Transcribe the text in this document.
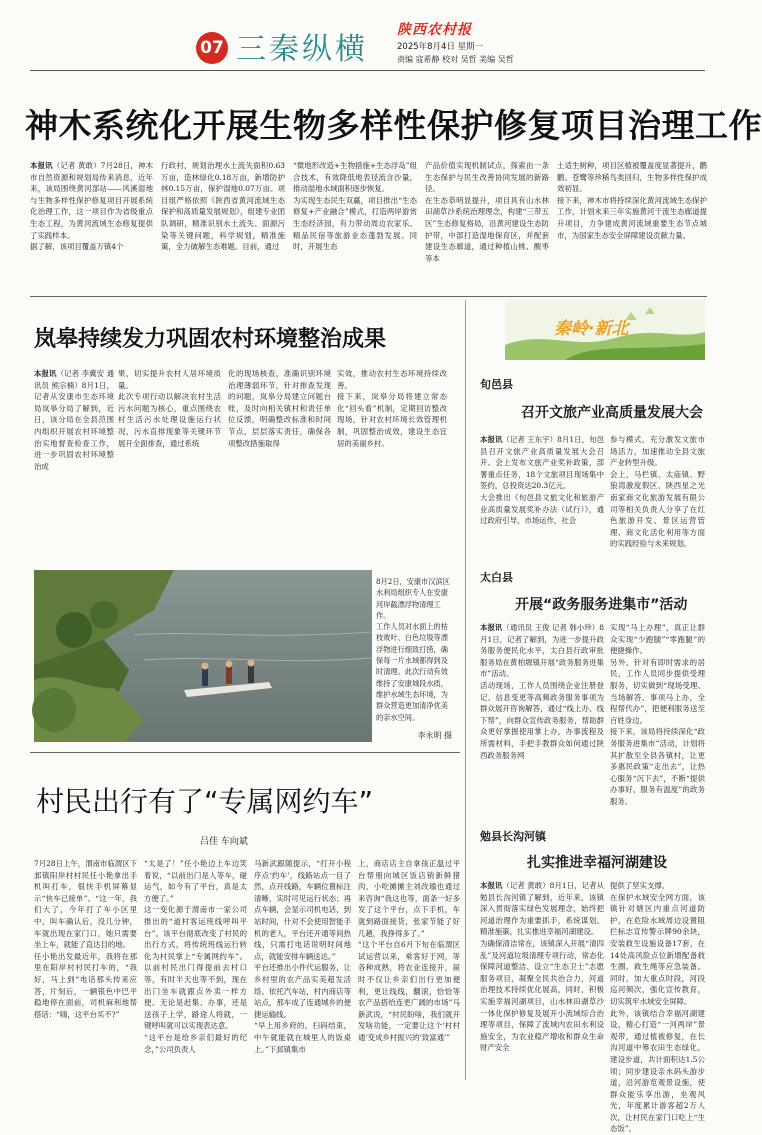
07 三秦纵横
陕西农村报
2025年8月4日 星期一
责编 寇希静 校对 吴哲 美编 吴哲
神木系统化开展生物多样性保护修复项目治理工作
本报讯（记者 黄敢）7月28日，神木市自然资源和规划局传来消息，近年来，该局围绕黄河部站——风溪湿地与生物多样性保护修复项目开展系统化治理工作，这一项目作为省级重点生态工程，为黄河流域生态修复提供了实践样本。
据了解，该项目覆盖万镇4个
行政村，规划治理水土流失面积0.63万亩，造林绿化0.18万亩，新增防护林0.15万亩，保护湿地0.07万亩。项目组严格依照《陕西省黄河流域生态保护和高质量发展规划》，组建专业团队调研，精准识别水土流失、面源污染等关键问题，科学规划，精准施策，全力破解生态难题。目前，通过
“微地形改造+生物措施+生态浮岛”组合技术，有效降低地表径流含沙量，推动湿地水域面积逐步恢复。
为实现生态民生双赢，项目推出“生态修复+产业融合”模式，打造两岸游赏生态经济园，有力带动周边农家乐、精品民宿等旅游业态蓬勃发展。同时，开展生态
产品价值实现机制试点，探索由一条生态保护与民生改善协同发展的新路径。
在生态恭明显提升，项目具有山水林田湖草沙系统治理理念，构建“三带五区”生态修复格局，沿黄河建设生态防护带，中部打造湿地保育区，并配套建设生态廊道，通过种植山桃、酸枣等本
土适生树种，项目区植被覆盖度显著提升，鹳鹳、苍鹭等珍稀鸟类回归，生物多样性保护成效初显。
接下来，神木市将持续深化黄河流域生态保护工作，计划未来三年实施黄河干流生态廊道提升项目，力争建成黄河流域重要生态节点城市，为国家生态安全屏障建设贡献力量。
岚皋持续发力巩固农村环境整治成果
本报讯（记者 李冀安 通讯员 熊宗楠）8月1日，记者从安康市生态环境局岚皋分局了解到，近日，该分局在全县范围内组织开展农村环境整治实地督查检查工作，进一步巩固农村环境整治成
果，切实提升农村人居环境质量。
此次专项行动以解决农村生活污水问题为核心，重点围绕农村生活污水处理设施运行状况，污水直排现象等关键环节展开全面排查，通过系统
化的现场核查，准确识别环境治理薄弱环节，针对排查发现的问题，岚皋分局建立问题台账，及时向相关镇村和责任单位反馈，明确整改标准和时间节点，层层落实责任，确保各项整改措施取得
实效，推动农村生态环境持续改善。
接下来，岚皋分局将建立常态化“回头看”机制，定期回访整改现场，针对农村环境长效管理机制，巩固整治成效，建设生态宜居的美丽乡村。
8月2日，安康市汉滨区水利局组织专人在安康河岸截漂浮物清理工作。
工作人员对水面上的枯枝败叶、白色垃圾等漂浮物进行细致打捞，确保每一片水域都得到及时清理。此次行动有效维持了安康城段水质，维护水域生态环境，为群众营造更加清净优美的亲水空间。
李永明 摄
村民出行有了“专属网约车”
吕佳 车向斌
7月28日上午，渭南市临渭区下邽镇阳岸村村民任小艳拿出手机叫打车，很快手机屏幕显示“快车已接单”。“这一年，我们大了，今年打了车小区里中，叫车确认后，没几分钟，车就出现在家门口，她只需要坐上车，就能了直达目的地。
任小艳出发最近年，我将在那里在阳岸村村民打车的，“我好，马上到”电话那头传来应答，片刻后，一辆银色中巴平稳地停在面前，司机麻利地帮搭话：“嗨，这平台买不?”
“太是了！”任小艳边上车边笑着说，“以前出门是人等车，碰运气，如今有了平台，真是太方便了。”
这一变化源于渭南市一家公司推出的“道村客运班线呼叫平台”。该平台彻底改变了村民的出行方式，将传统班线运行转化为村民掌上“专属网约车”。以前村民出门得提前去村口等，有时半天也等不到，现在出门坐车就跟点外卖一样方便。无论是赶集、办事，还是送孩子上学，路途人将就，一键呼叫就可以实现表达意。
“这平台是给乡亲们最好的纪念，”公司负责人
马新武跟随提示，“打开小程序点‘约车’，线路站点一目了然，点开线路，车辆位置标注清晰，实时可见运行状态；再点车辆，会显示司机电话，到站时间，什对不会使用智能手机的老人，平台还开通等间热线，只需打电话说明时间地点，就能安排车辆送达。”
平台还推出小件代运服务，让乡村里的农产品实美超发活络。依托汽车站，村内商店等站点，那车成了连通城乡的便捷运输线。
“早上用乡府的，扫码结束，中午就能就在城里人的饭桌上。”下邽镇集市
上，商店店主自拿孩正温过平台帮朋向城区饭店销新鲜猪肉，小吃摊摊主刘改瑜也通过来咨询“我这也等，面条一好多发了这个平台，点下手机，车就到路面接货，张家节能了好几趟，我挣得多了。”
“这个平台自6月下旬在临渭区试运营以来，乘客好于网，等各种成熟，将农业连接开，届时不仅让乡亲们出行更加便利，更让线线，翻滚，恰恰等农产品搭给连更广阔的市场”马新武说，“村民盼啥，我们就开发啥功能，一定要让这个‘村村通’变成乡村振兴的‘致富通’”
秦岭·新北
旬邑县
召开文旅产业高质量发展大会
本报讯（记者 王东宇）8月1日，旬邑县召开文旅产业高质量发展大会召开。会上发布文旅产业奖补政策，部署重点任务，18个文旅项目现场集中签约，总投资达20.3亿元。
大会推出《旬邑县文旅文化和旅游产业高质量发展奖补办法（试行）》，通过政府引导，市场运作，社会
参与模式，充分激发文旅市场活力，加速推动全县文旅产业转型升级。
会上，马栏镇、太庙镇、野狼湾激度假区、陕西星之光南家商文化旅游发展有限公司等相关负责人分享了在红色旅游开发、景区运营管理、商文化活化利用等方面的实践经验与未来规划。
太白县
开展“政务服务进集市”活动
本报讯（通讯员 王俊 记者 韩小珍）8月1日，记者了解到，为进一步提升政务服务便民化水平，太白县行政审批服务局在黄柏塬镇开展“政务服务进集市”活动。
活动现场，工作人员围绕企业注册登记、信息变更等高频政务服务事项为群众展开咨询解答，通过“线上办、线下帮”，向群众宣传政务服务，帮助群众更好掌握使用掌上办，办事流程及所需材料，手把手教群众如何通过陕西政务服务网
实现“马上办理”，真正让群众实现“少跑腿”“零跑腿”的便捷操作。
另外，针对有即时需求的居民，工作人员同步提供受理服务，切实做到“现场受理、当场解答、事项马上办，全程帮代办”，把便利服务送至百姓身边。
接下来，该局将持续深化“政务服务进集市”活动，计划将其扩散至全县各镇村，让更多惠民政策“走出去”，让热心服务“沉下去”，不断“提供办事好、服务有温度”的政务服务。
勉县长沟河镇
扎实推进幸福河湖建设
本报讯（记者 黄敢）8月1日，记者从勉县长沟河镇了解到，近年来，该镇深入贯彻落实绿色发展理念，始终把河道治理作为重要抓手，系统谋划、精准施策，扎实推进幸福河湖建设。
为确保清洁常在，该镇深入开展“清四乱”及河道垃圾清理专项行动，常态化保障河道整洁、设立“生态卫士”志愿服务项目，凝聚全民共治合力，河道治理技术持续优化展高，同时，积极实施幸福河湖项目，山水林田湖草沙一体化保护修复及展开小流域综合治理等项目，保障了流域内农田水利设施安全，为农业稳产增收和群众生命财产安全
提供了坚实支撑。
在保护水域安全网方面，该镇针对辖区内重点河道防护，在危险水域周边设置阻拦标志宣传警示牌90余块，安装救生设施设备17套，在14处高风险点位新增配备救生圈，救生绳等应急装备。同时，加大重点时段，河段巡河频次，强化宣传教育，切实筑牢水域安全屏障。
此外，该镇结合幸福河湖建设，精心打造“一河两岸”景观带，通过植被修复，在长沟河道中筹农田生态绿化，建设步道，共计面积达1.5公顷；同步建设亲水码头游步道，沿河游览观景设施，使群众能乐享出游，坐观风光，年度累计游客超2万人次，让村民在家门口吃上“生态饭”。
